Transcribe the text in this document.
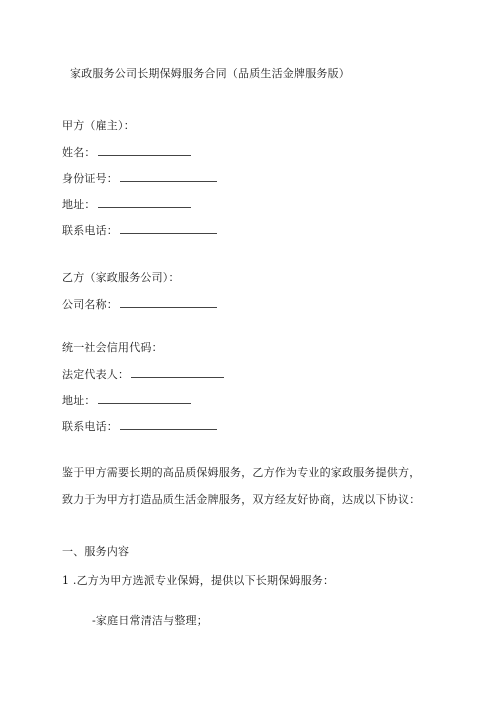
家政服务公司长期保姆服务合同（品质生活金牌服务版）
甲方（雇主）：
姓名：
身份证号：
地址：
联系电话：
乙方（家政服务公司）：
公司名称：
统一社会信用代码：
法定代表人：
地址：
联系电话：
鉴于甲方需要长期的高品质保姆服务，乙方作为专业的家政服务提供方，
致力于为甲方打造品质生活金牌服务，双方经友好协商，达成以下协议：
一、服务内容
1 .乙方为甲方选派专业保姆，提供以下长期保姆服务：
-家庭日常清洁与整理；
